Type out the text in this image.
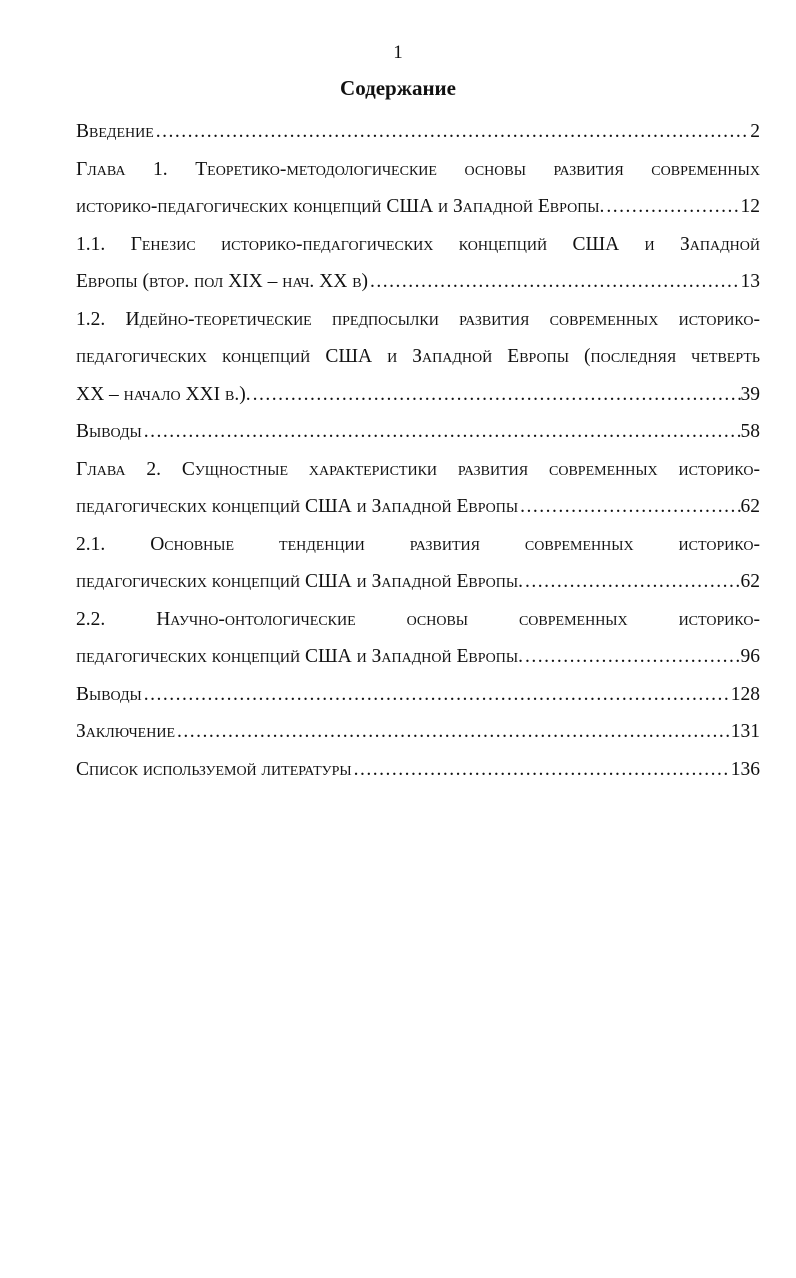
1
Содержание
Введение .....	2
Глава 1. Теоретико-методологические основы развития современных
историко-педагогических концепций США и Западной Европы. .....	12
1.1. Генезис историко-педагогических концепций США и Западной
Европы (втор. пол XIX – нач. XX в) .....	13
1.2. Идейно-теоретические предпосылки развития современных историко-
педагогических концепций США и Западной Европы (последняя четверть
XX – начало XXI в.). .....	39
Выводы .....	58
Глава 2. Сущностные характеристики развития современных историко-
педагогических концепций США и Западной Европы .....	62
2.1. Основные тенденции развития современных историко-
педагогических концепций США и Западной Европы. .....	62
2.2.	Научно-онтологические	основы	современных	историко-
педагогических концепций США и Западной Европы. .....	96
Выводы .....	128
Заключение .....	131
Список используемой литературы .....	136
